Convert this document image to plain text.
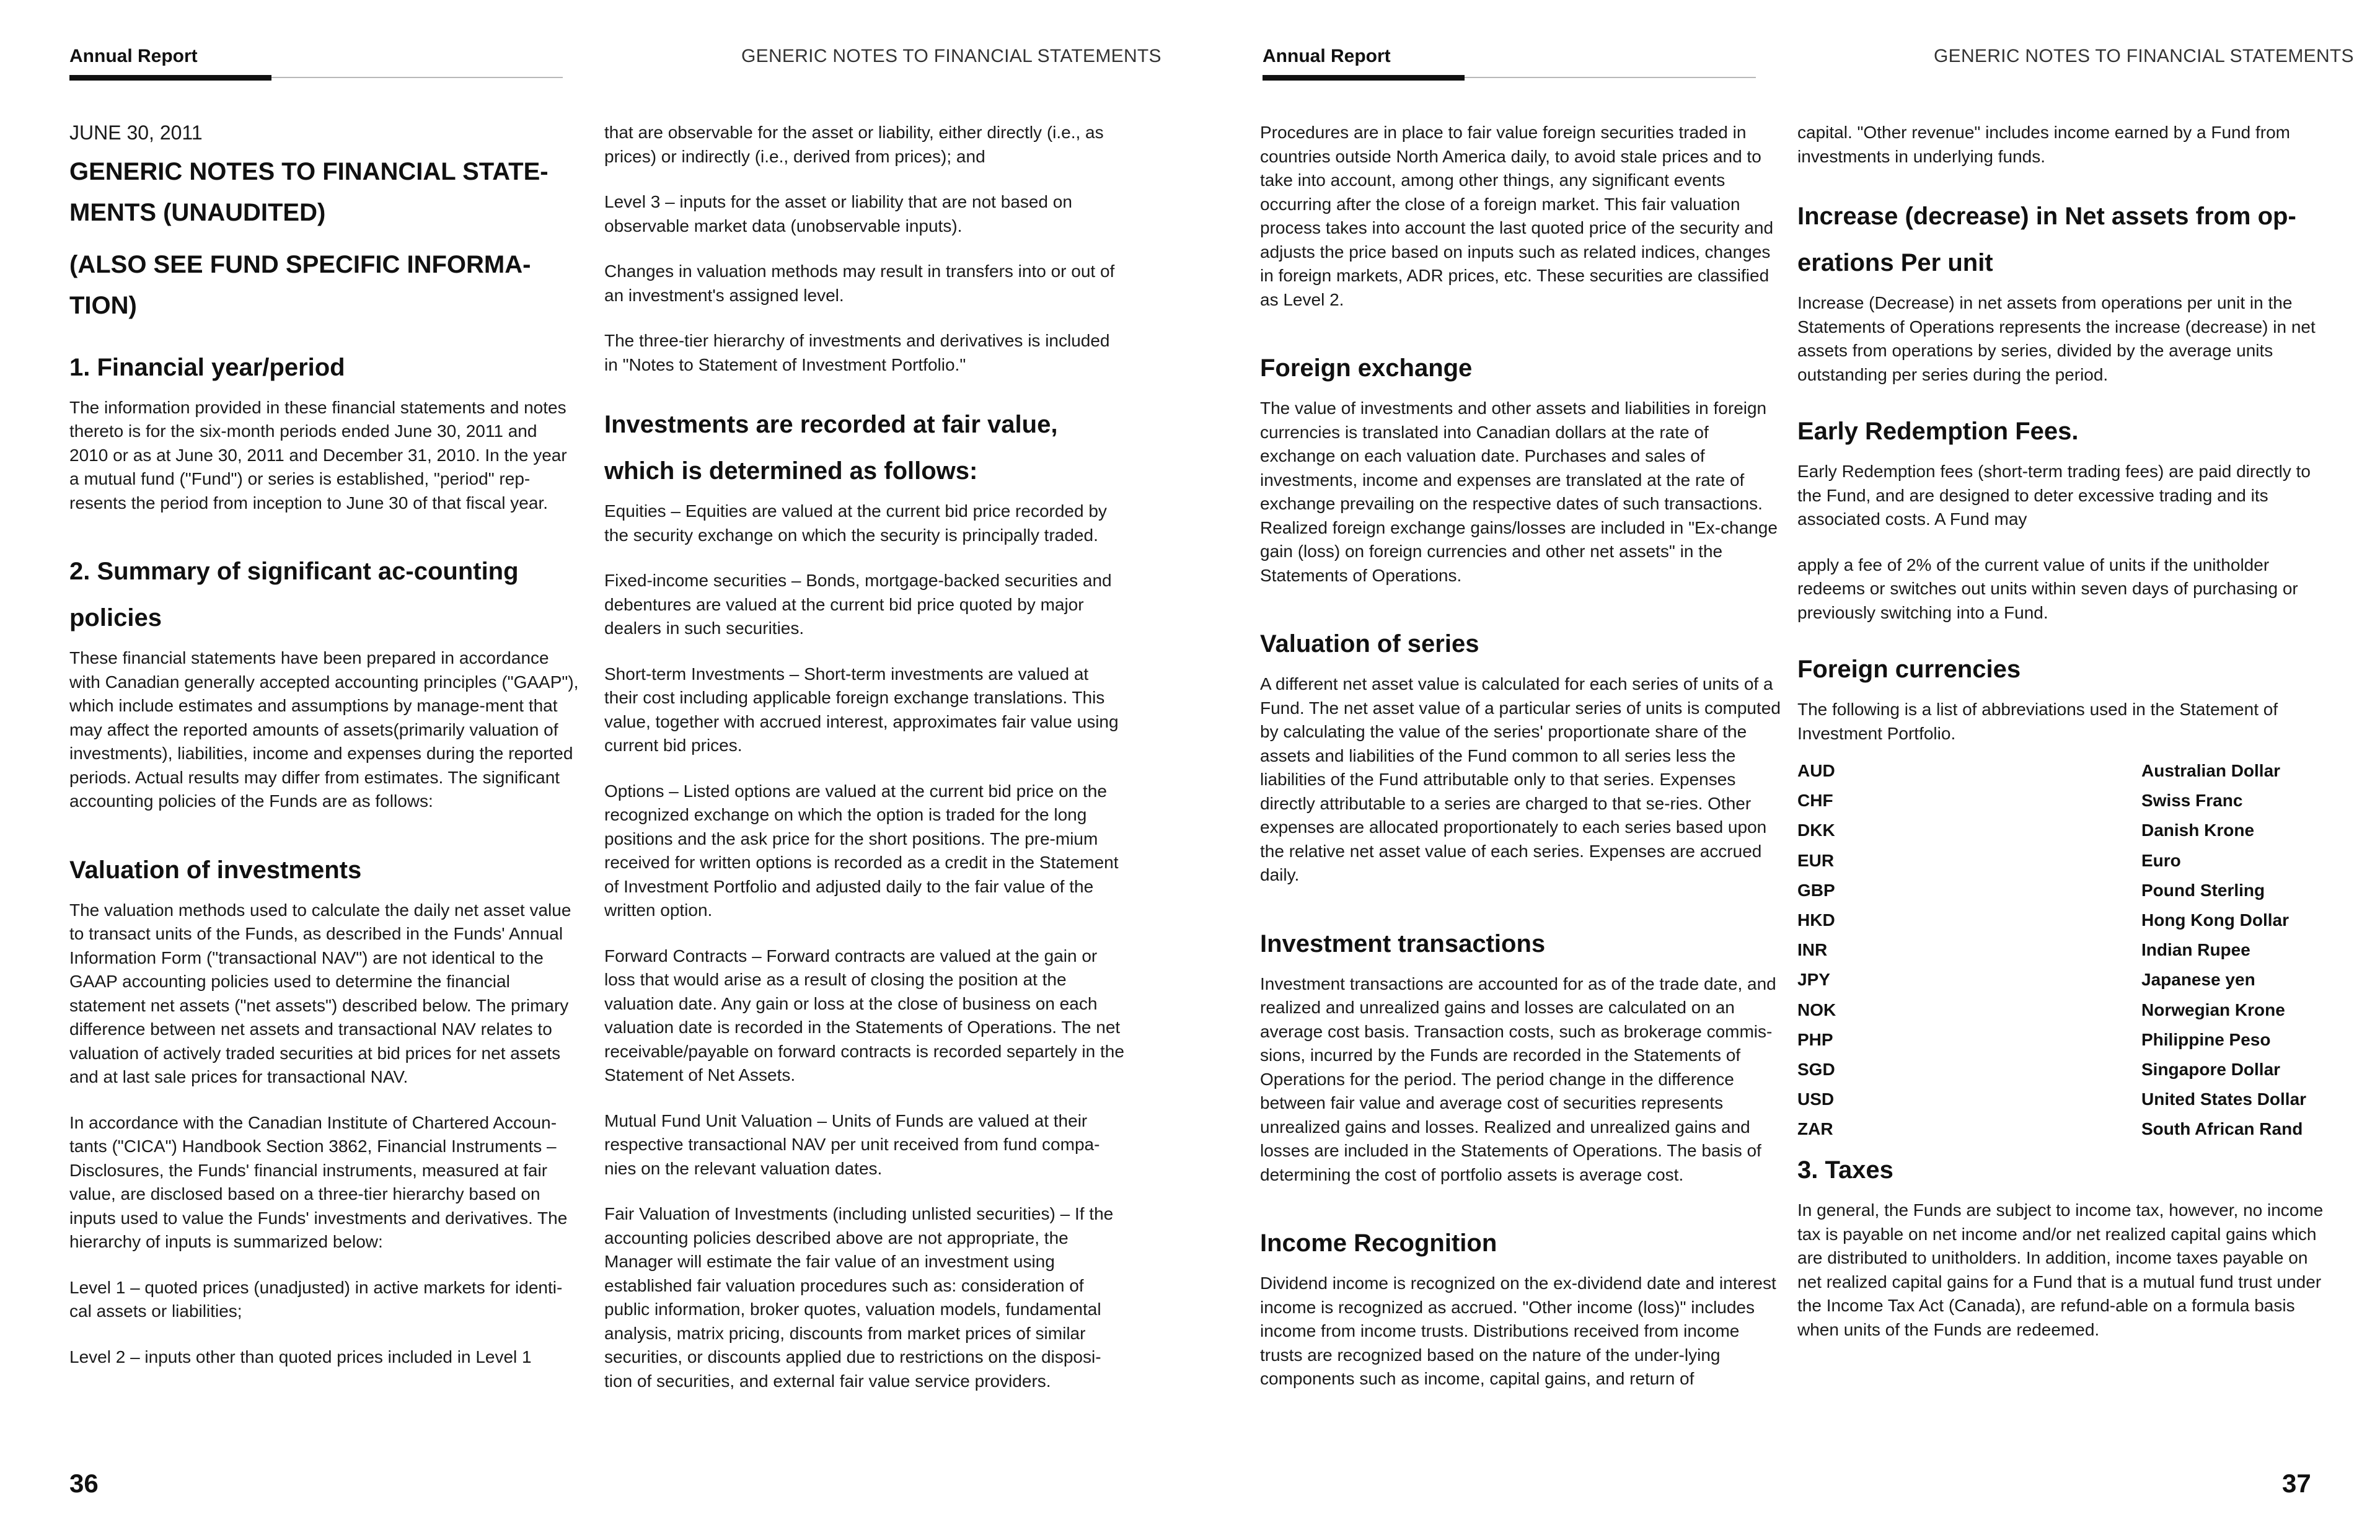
Annual Report	GENERIC NOTES TO FINANCIAL STATEMENTS
JUNE 30, 2011
GENERIC NOTES TO FINANCIAL STATE-MENTS (UNAUDITED)
(ALSO SEE FUND SPECIFIC INFORMA-TION)
1. Financial year/period

The information provided in these financial statements and notes thereto is for the six-month periods ended June 30, 2011 and 2010 or as at June 30, 2011 and December 31, 2010. In the year a mutual fund ("Fund") or series is established, "period" rep-resents the period from inception to June 30 of that fiscal year.

2. Summary of significant ac-counting policies

These financial statements have been prepared in accordance with Canadian generally accepted accounting principles ("GAAP"), which include estimates and assumptions by manage-ment that may affect the reported amounts of assets(primarily valuation of investments), liabilities, income and expenses during the reported periods. Actual results may differ from estimates. The significant accounting policies of the Funds are as follows:

Valuation of investments

The valuation methods used to calculate the daily net asset value to transact units of the Funds, as described in the Funds' Annual Information Form ("transactional NAV") are not identical to the GAAP accounting policies used to determine the financial statement net assets ("net assets") described below. The primary difference between net assets and transactional NAV relates to valuation of actively traded securities at bid prices for net assets and at last sale prices for transactional NAV.

In accordance with the Canadian Institute of Chartered Accoun-tants ("CICA") Handbook Section 3862, Financial Instruments – Disclosures, the Funds' financial instruments, measured at fair value, are disclosed based on a three-tier hierarchy based on inputs used to value the Funds' investments and derivatives. The hierarchy of inputs is summarized below:

Level 1 – quoted prices (unadjusted) in active markets for identi-cal assets or liabilities;

Level 2 – inputs other than quoted prices included in Level 1

that are observable for the asset or liability, either directly (i.e., as prices) or indirectly (i.e., derived from prices); and

Level 3 – inputs for the asset or liability that are not based on observable market data (unobservable inputs).

Changes in valuation methods may result in transfers into or out of an investment's assigned level.

The three-tier hierarchy of investments and derivatives is included in "Notes to Statement of Investment Portfolio."

Investments are recorded at fair value, which is determined as follows:

Equities – Equities are valued at the current bid price recorded by the security exchange on which the security is principally traded.

Fixed-income securities – Bonds, mortgage-backed securities and debentures are valued at the current bid price quoted by major dealers in such securities.

Short-term Investments – Short-term investments are valued at their cost including applicable foreign exchange translations. This value, together with accrued interest, approximates fair value using current bid prices.

Options – Listed options are valued at the current bid price on the recognized exchange on which the option is traded for the long positions and the ask price for the short positions. The pre-mium received for written options is recorded as a credit in the Statement of Investment Portfolio and adjusted daily to the fair value of the written option.

Forward Contracts – Forward contracts are valued at the gain or loss that would arise as a result of closing the position at the valuation date. Any gain or loss at the close of business on each valuation date is recorded in the Statements of Operations. The net receivable/payable on forward contracts is recorded separtely in the Statement of Net Assets.

Mutual Fund Unit Valuation – Units of Funds are valued at their respective transactional NAV per unit received from fund compa-nies on the relevant valuation dates.

Fair Valuation of Investments (including unlisted securities) – If the accounting policies described above are not appropriate, the Manager will estimate the fair value of an investment using established fair valuation procedures such as: consideration of public information, broker quotes, valuation models, fundamental analysis, matrix pricing, discounts from market prices of similar securities, or discounts applied due to restrictions on the disposi-tion of securities, and external fair value service providers.

36
Annual Report	GENERIC NOTES TO FINANCIAL STATEMENTS

Procedures are in place to fair value foreign securities traded in countries outside North America daily, to avoid stale prices and to take into account, among other things, any significant events occurring after the close of a foreign market. This fair valuation process takes into account the last quoted price of the security and adjusts the price based on inputs such as related indices, changes in foreign markets, ADR prices, etc. These securities are classified as Level 2.

Foreign exchange

The value of investments and other assets and liabilities in foreign currencies is translated into Canadian dollars at the rate of exchange on each valuation date. Purchases and sales of investments, income and expenses are translated at the rate of exchange prevailing on the respective dates of such transactions. Realized foreign exchange gains/losses are included in "Ex-change gain (loss) on foreign currencies and other net assets" in the Statements of Operations.

Valuation of series

A different net asset value is calculated for each series of units of a Fund. The net asset value of a particular series of units is computed by calculating the value of the series' proportionate share of the assets and liabilities of the Fund common to all series less the liabilities of the Fund attributable only to that series. Expenses directly attributable to a series are charged to that se-ries. Other expenses are allocated proportionately to each series based upon the relative net asset value of each series. Expenses are accrued daily.

Investment transactions

Investment transactions are accounted for as of the trade date, and realized and unrealized gains and losses are calculated on an average cost basis. Transaction costs, such as brokerage commis-sions, incurred by the Funds are recorded in the Statements of Operations for the period. The period change in the difference between fair value and average cost of securities represents unrealized gains and losses. Realized and unrealized gains and losses are included in the Statements of Operations. The basis of determining the cost of portfolio assets is average cost.

Income Recognition

Dividend income is recognized on the ex-dividend date and interest income is recognized as accrued. "Other income (loss)" includes income from income trusts. Distributions received from income trusts are recognized based on the nature of the under-lying components such as income, capital gains, and return of

capital. "Other revenue" includes income earned by a Fund from investments in underlying funds.

Increase (decrease) in Net assets from op-erations Per unit

Increase (Decrease) in net assets from operations per unit in the Statements of Operations represents the increase (decrease) in net assets from operations by series, divided by the average units outstanding per series during the period.

Early Redemption Fees.

Early Redemption fees (short-term trading fees) are paid directly to the Fund, and are designed to deter excessive trading and its associated costs. A Fund may

apply a fee of 2% of the current value of units if the unitholder redeems or switches out units within seven days of purchasing or previously switching into a Fund.

Foreign currencies

The following is a list of abbreviations used in the Statement of Investment Portfolio.

AUD	Australian Dollar
CHF	Swiss Franc
DKK	Danish Krone
EUR	Euro
GBP	Pound Sterling
HKD	Hong Kong Dollar
INR	Indian Rupee
JPY	Japanese yen
NOK	Norwegian Krone
PHP	Philippine Peso
SGD	Singapore Dollar
USD	United States Dollar
ZAR	South African Rand
3. Taxes

In general, the Funds are subject to income tax, however, no income tax is payable on net income and/or net realized capital gains which are distributed to unitholders. In addition, income taxes payable on net realized capital gains for a Fund that is a mutual fund trust under the Income Tax Act (Canada), are refund-able on a formula basis when units of the Funds are redeemed.

37
